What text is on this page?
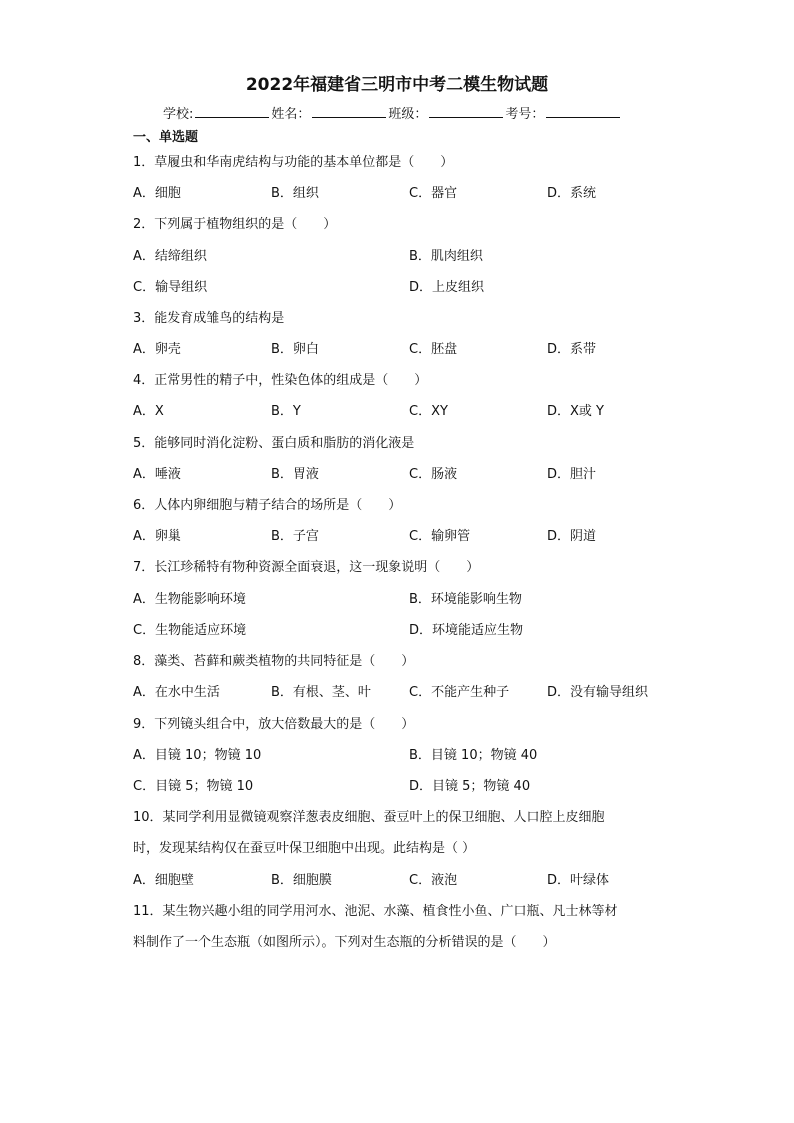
2022年福建省三明市中考二模生物试题
学校:	姓名：	班级：	考号：
一、单选题
1．草履虫和华南虎结构与功能的基本单位都是（　　）
A．细胞	B．组织	C．器官	D．系统
2．下列属于植物组织的是（　　）
A．结缔组织	B．肌肉组织
C．输导组织	D．上皮组织
3．能发育成雏鸟的结构是
A．卵壳	B．卵白	C．胚盘	D．系带
4．正常男性的精子中，性染色体的组成是（　　）
A．X	B．Y	C．XY	D．X或 Y
5．能够同时消化淀粉、蛋白质和脂肪的消化液是
A．唾液	B．胃液	C．肠液	D．胆汁
6．人体内卵细胞与精子结合的场所是（　　）
A．卵巢	B．子宫	C．输卵管	D．阴道
7．长江珍稀特有物种资源全面衰退，这一现象说明（　　）
A．生物能影响环境	B．环境能影响生物
C．生物能适应环境	D．环境能适应生物
8．藻类、苔藓和蕨类植物的共同特征是（　　）
A．在水中生活	B．有根、茎、叶	C．不能产生种子	D．没有输导组织
9．下列镜头组合中，放大倍数最大的是（　　）
A．目镜 10；物镜 10	B．目镜 10；物镜 40
C．目镜 5；物镜 10	D．目镜 5；物镜 40
10．某同学利用显微镜观察洋葱表皮细胞、蚕豆叶上的保卫细胞、人口腔上皮细胞
时，发现某结构仅在蚕豆叶保卫细胞中出现。此结构是（ ）
A．细胞壁	B．细胞膜	C．液泡	D．叶绿体
11．某生物兴趣小组的同学用河水、池泥、水藻、植食性小鱼、广口瓶、凡士林等材
料制作了一个生态瓶（如图所示）。下列对生态瓶的分析错误的是（　　）
